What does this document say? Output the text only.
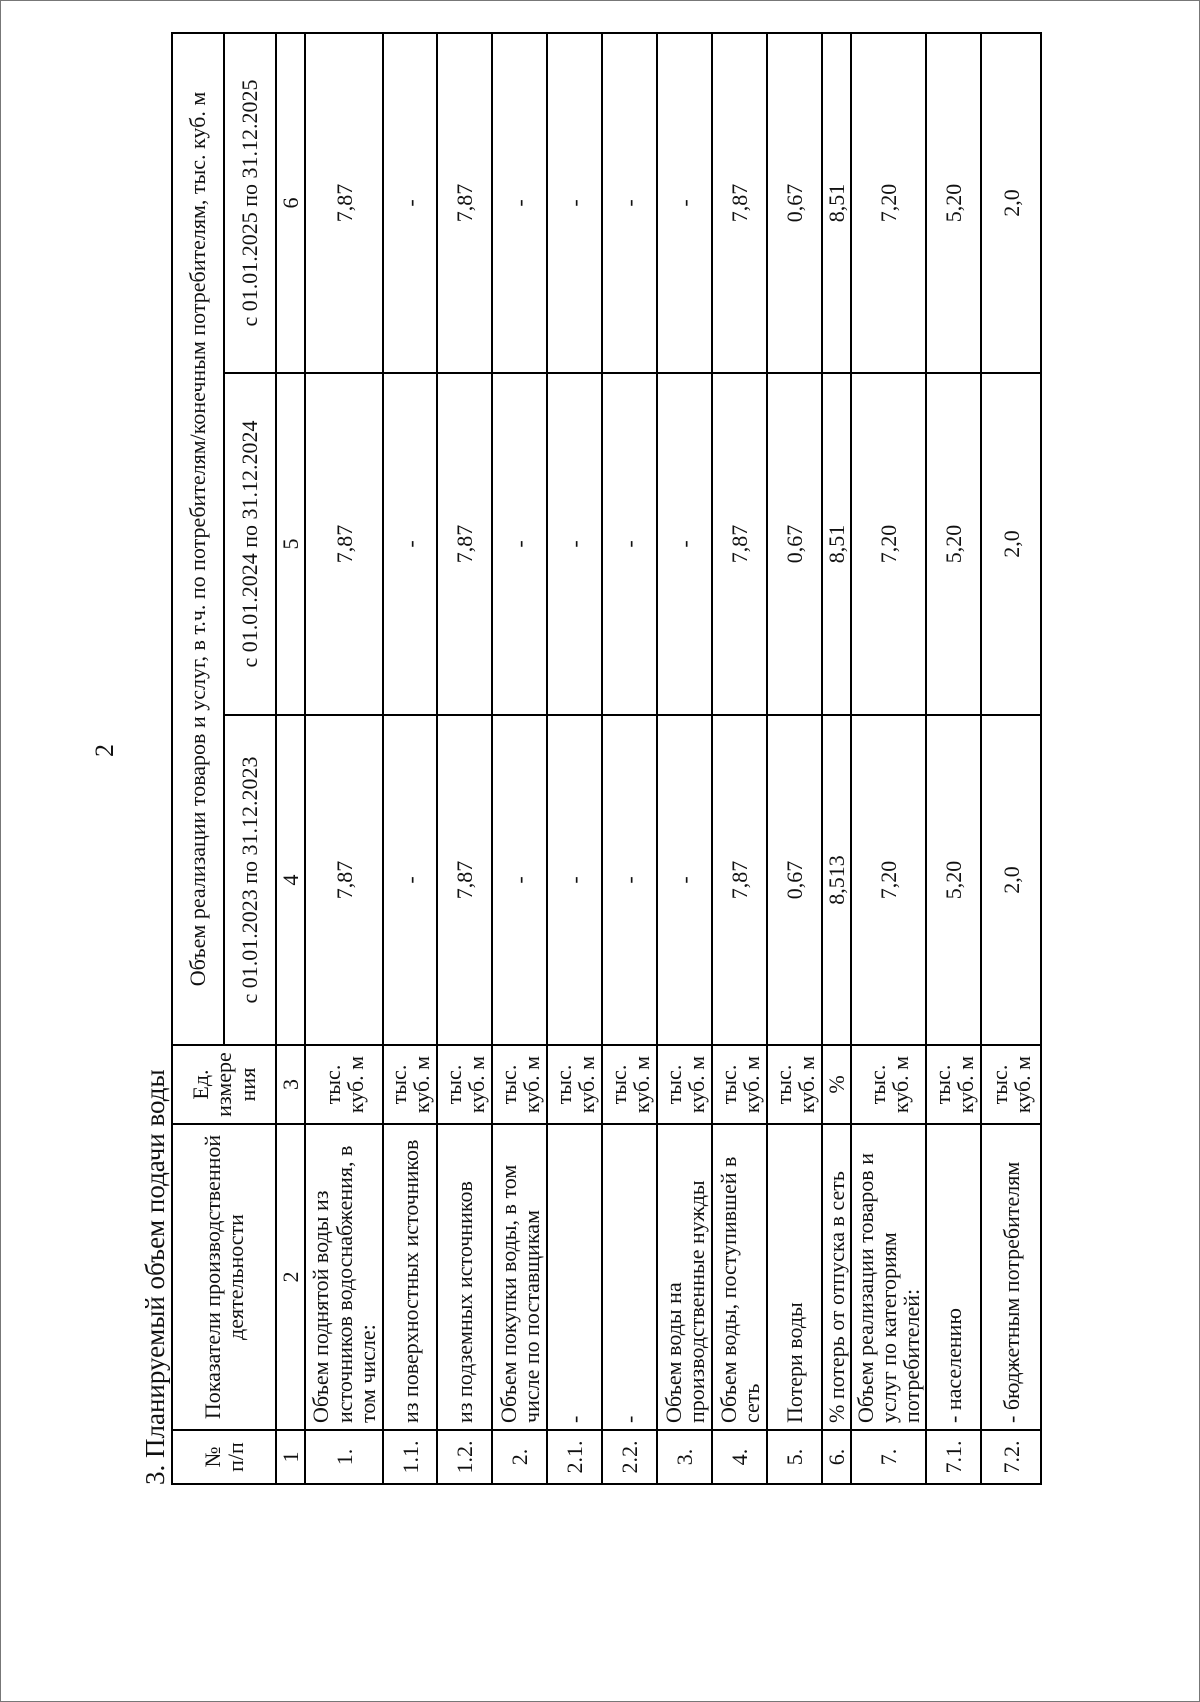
2
3. Планируемый объем подачи воды № п/п	Показатели производственной деятельности	Ед. измере ния	Объем реализации товаров и услуг, в т.ч. по потребителям/конечным потребителям, тыс. куб. м		
			с 01.01.2023 по 31.12.2023	с 01.01.2024 по 31.12.2024	с 01.01.2025 по 31.12.2025
1	2	3	4	5	6
1.	Объем поднятой воды из источников водоснабжения, в том числе:	тыс. куб. м	7,87	7,87	7,87
1.1.	из поверхностных источников	тыс. куб. м	-	-	-
1.2.	из подземных источников	тыс. куб. м	7,87	7,87	7,87
2.	Объем покупки воды, в том числе по поставщикам	тыс. куб. м	-	-	-
2.1.	-	тыс. куб. м	-	-	-
2.2.	-	тыс. куб. м	-	-	-
3.	Объем воды на производственные нужды	тыс. куб. м	-	-	-
4.	Объем воды, поступившей в сеть	тыс. куб. м	7,87	7,87	7,87
5.	Потери воды	тыс. куб. м	0,67	0,67	0,67
6.	% потерь от отпуска в сеть	%	8,513	8,51	8,51
7.	Объем реализации товаров и услуг по категориям потребителей:	тыс. куб. м	7,20	7,20	7,20
7.1.	- населению	тыс. куб. м	5,20	5,20	5,20
7.2.	- бюджетным потребителям	тыс. куб. м	2,0	2,0	2,0
